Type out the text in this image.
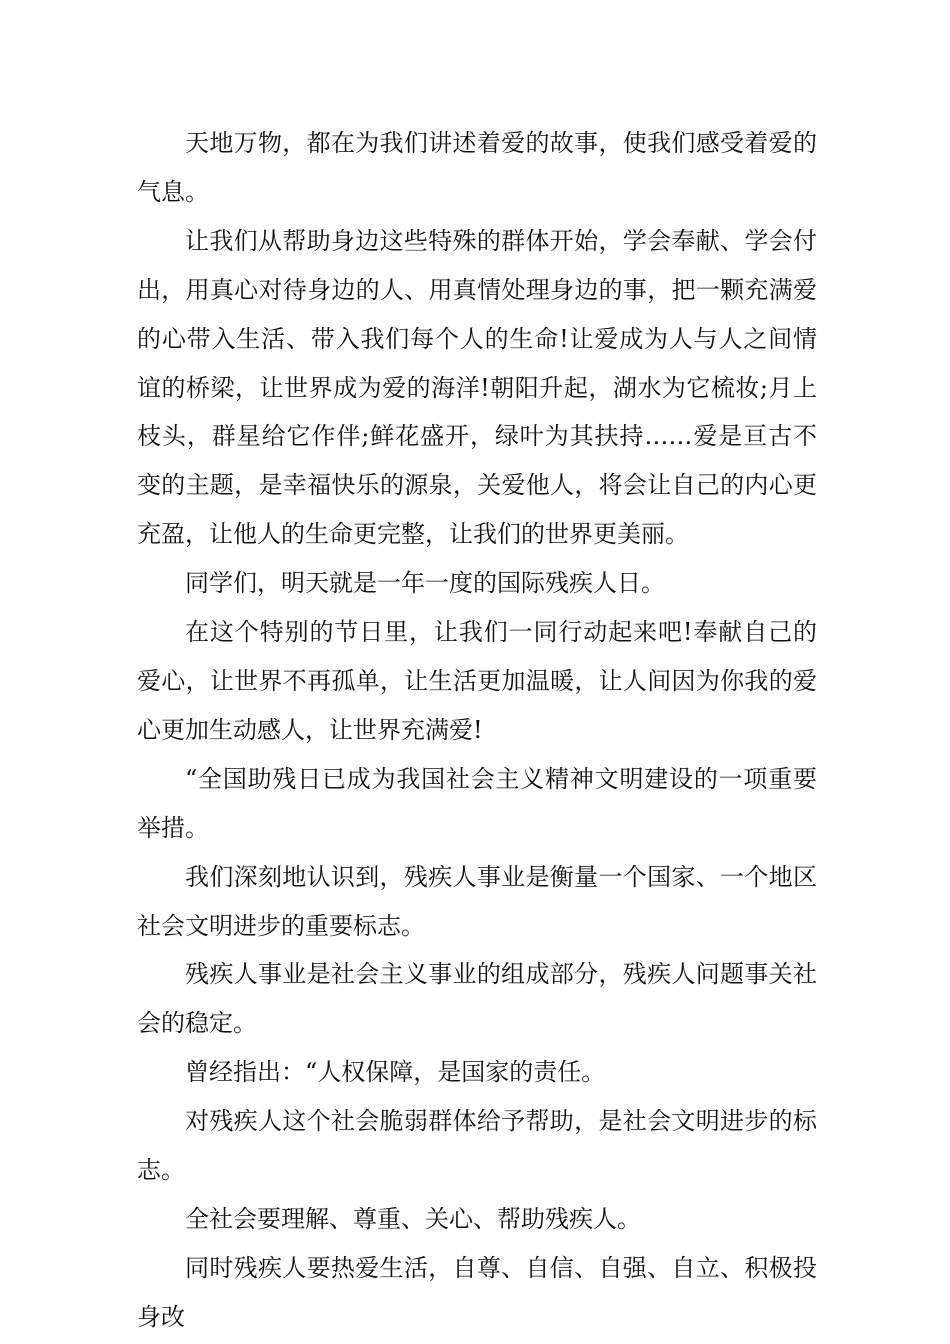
天地万物，都在为我们讲述着爱的故事，使我们感受着爱的气息。

让我们从帮助身边这些特殊的群体开始，学会奉献、学会付出，用真心对待身边的人、用真情处理身边的事，把一颗充满爱的心带入生活、带入我们每个人的生命!让爱成为人与人之间情谊的桥梁，让世界成为爱的海洋!朝阳升起，湖水为它梳妆;月上枝头，群星给它作伴;鲜花盛开，绿叶为其扶持……爱是亘古不变的主题，是幸福快乐的源泉，关爱他人，将会让自己的内心更充盈，让他人的生命更完整，让我们的世界更美丽。

同学们，明天就是一年一度的国际残疾人日。

在这个特别的节日里，让我们一同行动起来吧!奉献自己的爱心，让世界不再孤单，让生活更加温暖，让人间因为你我的爱心更加生动感人，让世界充满爱!

“全国助残日已成为我国社会主义精神文明建设的一项重要举措。

我们深刻地认识到，残疾人事业是衡量一个国家、一个地区社会文明进步的重要标志。

残疾人事业是社会主义事业的组成部分，残疾人问题事关社会的稳定。

曾经指出：“人权保障，是国家的责任。

对残疾人这个社会脆弱群体给予帮助，是社会文明进步的标志。

全社会要理解、尊重、关心、帮助残疾人。

同时残疾人要热爱生活，自尊、自信、自强、自立、积极投身改
